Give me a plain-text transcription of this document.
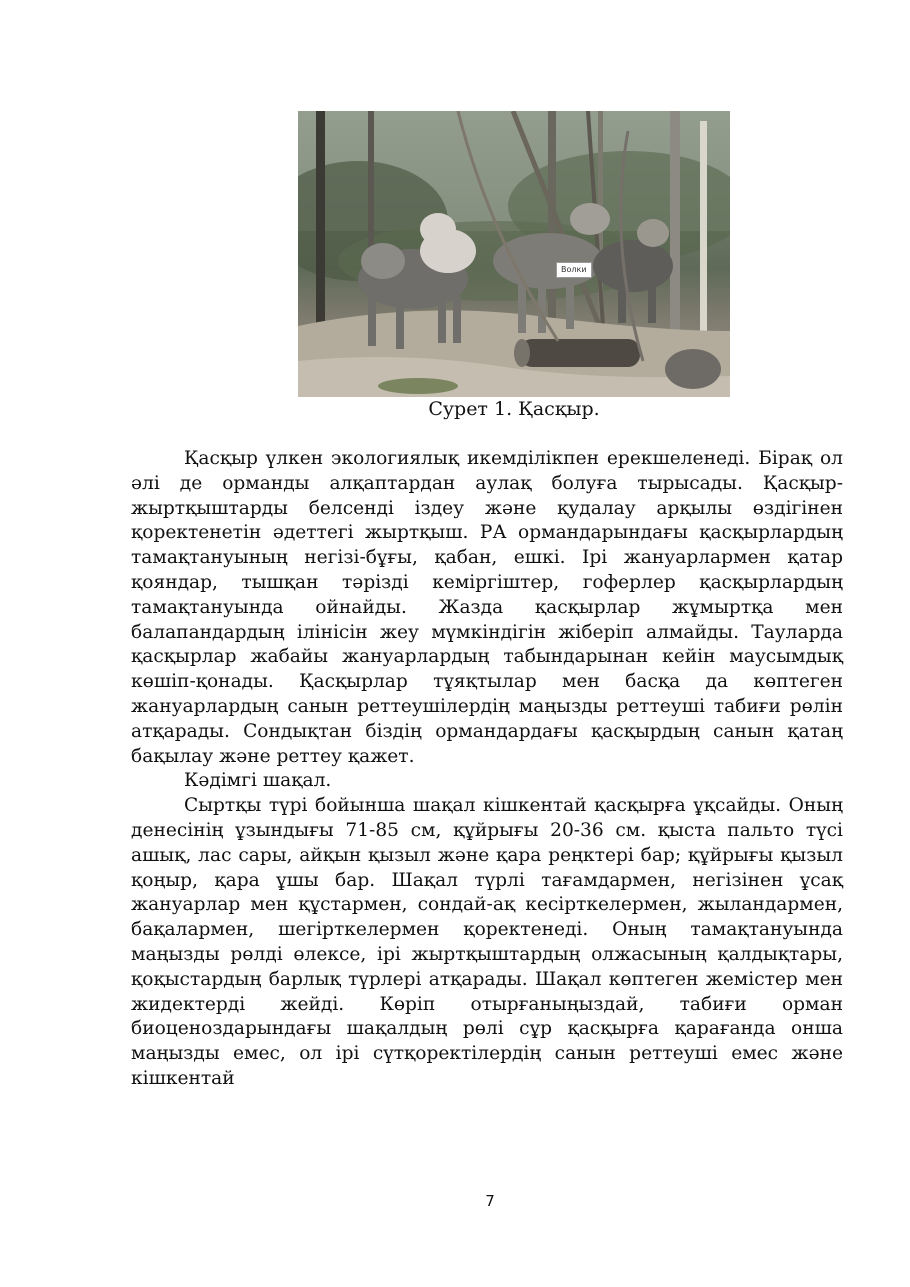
Волки
Сурет 1. Қасқыр.

Қасқыр үлкен экологиялық икемділікпен ерекшеленеді. Бірақ ол әлі де орманды алқаптардан аулақ болуға тырысады. Қасқыр-жыртқыштарды белсенді іздеу және қудалау арқылы өздігінен қоректенетін әдеттегі жыртқыш. РА ормандарындағы қасқырлардың тамақтануының негізі-бұғы, қабан, ешкі. Ірі жануарлармен қатар қояндар, тышқан тәрізді кеміргіштер, гоферлер қасқырлардың тамақтануында ойнайды. Жазда қасқырлар жұмыртқа мен балапандардың ілінісін жеу мүмкіндігін жіберіп алмайды. Тауларда қасқырлар жабайы жануарлардың табындарынан кейін маусымдық көшіп-қонады. Қасқырлар тұяқтылар мен басқа да көптеген жануарлардың санын реттеушілердің маңызды реттеуші табиғи рөлін атқарады. Сондықтан біздің ормандардағы қасқырдың санын қатаң бақылау және реттеу қажет.

Кәдімгі шақал.

Сыртқы түрі бойынша шақал кішкентай қасқырға ұқсайды. Оның денесінің ұзындығы 71-85 см, құйрығы 20-36 см. қыста пальто түсі ашық, лас сары, айқын қызыл және қара реңктері бар; құйрығы қызыл қоңыр, қара ұшы бар. Шақал түрлі тағамдармен, негізінен ұсақ жануарлар мен құстармен, сондай-ақ кесірткелермен, жыландармен, бақалармен, шегірткелермен қоректенеді. Оның тамақтануында маңызды рөлді өлексе, ірі жыртқыштардың олжасының қалдықтары, қоқыстардың барлық түрлері атқарады. Шақал көптеген жемістер мен жидектерді жейді. Көріп отырғаныңыздай, табиғи орман биоценоздарындағы шақалдың рөлі сұр қасқырға қарағанда онша маңызды емес, ол ірі сүтқоректілердің санын реттеуші емес және кішкентай

7
